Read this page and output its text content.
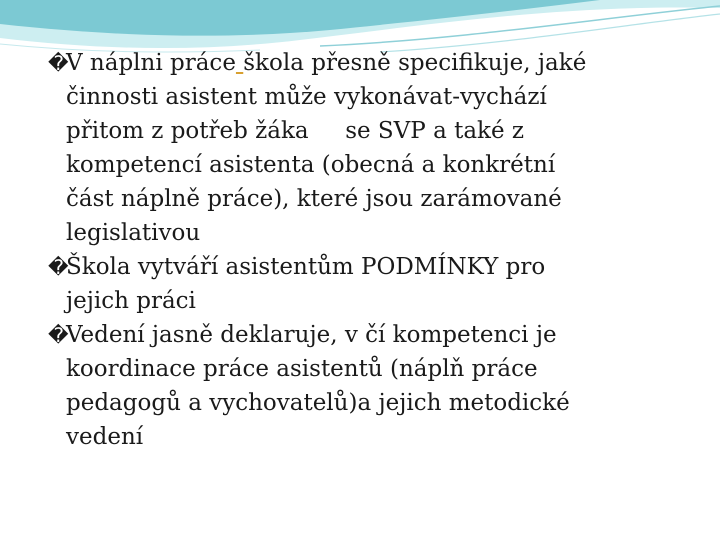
�
V náplni práce škola přesně specifikuje, jaké
činnosti asistent může vykonávat-vychází
přitom z potřeb žáka     se SVP a také z
kompetencí asistenta (obecná a konkrétní
část náplně práce), které jsou zarámované
legislativou

�
Škola vytváří asistentům PODMÍNKY pro
jejich práci

�
Vedení jasně deklaruje, v čí kompetenci je
koordinace práce asistentů (náplň práce
pedagogů a vychovatelů)a jejich metodické
vedení
